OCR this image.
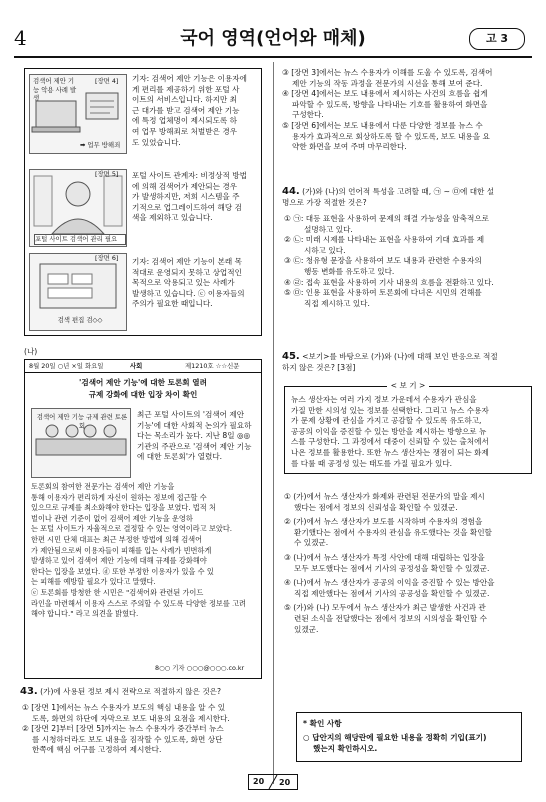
4	국어 영역(언어와 매체)	고 3
검색어 제안 기능 악용 사례 발생
➡ 업무 방해죄
[장면 4] 기자: 검색어 제안 기능은 이용자에
게 편리를 제공하기 위한 포털 사
이트의 서비스입니다. 하지만 최
근 대가를 받고 검색어 제안 기능
에 특정 업체명이 제시되도록 하
여 업무 방해죄로 처벌받은 경우
도 있었습니다.
포털 사이트 검색어 관리 필요
[장면 5] 포털 사이트 관계자: 비정상적 방법
에 의해 검색어가 제안되는 경우
가 발생하지만, 저희 시스템을 주
기적으로 업그레이드하여 해당 검
색을 제외하고 있습니다.
검색 편집 검◇◇
[장면 6] 기자: 검색어 제안 기능이 본래 목
적대로 운영되지 못하고 상업적인
목적으로 악용되고 있는 사례가
발생하고 있습니다. ⓒ 이용자들의
주의가 필요한 때입니다.
(나)
8월 20일 ○년 ×일 화요일	사회	제1210호 ☆☆신문
'검색어 제안 기능'에 대한 토론회 열려
규제 강화에 대한 입장 차이 확인
검색어 제안 기능 규제 관련 토론회
최근 포털 사이트의 '검색어 제안
기능'에 대한 사회적 논의가 필요하
다는 목소리가 높다. 지난 8일 ◎◎
기관의 주관으로 '검색어 제안 기능
에 대한 토론회'가 열렸다.
토론회의 참여한 전문가는 검색어 제안 기능을
통해 이용자가 편리하게 자신이 원하는 정보에 접근할 수
있으므로 규제를 최소화해야 한다는 입장을 보였다. 법적 처
벌이나 관련 기준이 없어 검색어 제안 기능을 운영하
는 포털 사이트가 자율적으로 결정할 수 있는 영역이라고 보았다.
한편 시민 단체 대표는 최근 부정한 방법에 의해 검색어
가 제안됨으로써 이용자들이 피해를 입는 사례가 빈번하게
발생하고 있어 검색어 제안 기능에 대해 규제를 강화해야
한다는 입장을 보였다. ⓓ 또한 부정한 이용자가 있을 수 있
는 피해를 예방할 필요가 있다고 말했다.
ⓔ 토론회를 방청한 한 시민은 "검색어와 관련된 가이드
라인을 마련해서 이용자 스스로 주의할 수 있도록 다양한 정보를 고려
해야 합니다." 라고 의견을 밝혔다.
8○○ 기자 ○○○@○○○.co.kr
43. (가)에 사용된 정보 제시 전략으로 적절하지 않은 것은?
① [장면 1]에서는 뉴스 수용자가 보도의 핵심 내용을 알 수 있
도록, 화면의 하단에 자막으로 보도 내용의 요점을 제시한다.
② [장면 2]부터 [장면 5]까지는 뉴스 수용자가 중간부터 뉴스
를 시청하더라도 보도 내용을 짐작할 수 있도록, 화면 상단
한쪽에 핵심 어구를 고정하여 제시한다.
③ [장면 3]에서는 뉴스 수용자가 이해를 도울 수 있도록, 검색어
제안 기능의 작동 과정을 전문가의 시선을 통해 보여 준다.
④ [장면 4]에서는 보도 내용에서 제시하는 사건의 흐름을 쉽게
파악할 수 있도록, 방향을 나타내는 기호를 활용하여 화면을
구성한다.
⑤ [장면 6]에서는 보도 내용에서 다룬 다양한 정보를 뉴스 수
용자가 효과적으로 회상하도록 할 수 있도록, 보도 내용을 요
약한 화면을 보여 주며 마무리한다.
44. (가)와 (나)의 언어적 특성을 고려할 때, ㉠ ~ ㉤에 대한 설
명으로 가장 적절한 것은?
① ㉠: 대등 표현을 사용하여 문제의 해결 가능성을 암축적으로
설명하고 있다.
② ㉡: 미래 시제를 나타내는 표현을 사용하여 기대 효과를 제
시하고 있다.
③ ㉢: 청유형 문장을 사용하여 보도 내용과 관련한 수용자의
행동 변화를 유도하고 있다.
④ ㉣: 접속 표현을 사용하여 기사 내용의 흐름을 전환하고 있다.
⑤ ㉤: 인용 표현을 사용하여 토론회에 다녀온 시민의 견해를
직접 제시하고 있다.
45. <보기>를 바탕으로 (가)와 (나)에 대해 보인 반응으로 적절
하지 않은 것은? [3점]
< 보 기 >
뉴스 생산자는 여러 가지 정보 가운데서 수용자가 관심을
가질 만한 시의성 있는 정보를 선택한다. 그리고 뉴스 수용자
가 문제 상황에 관심을 가지고 공감할 수 있도록 유도하고,
공공의 이익을 증진할 수 있는 방안을 제시하는 방향으로 뉴
스를 구성한다. 그 과정에서 대중이 신뢰할 수 있는 출처에서
나온 정보를 활용한다. 또한 뉴스 생산자는 쟁점이 되는 화제
를 다룰 때 공정성 있는 태도를 가질 필요가 있다.
① (가)에서 뉴스 생산자가 화제와 관련된 전문가의 말을 제시
했다는 점에서 정보의 신뢰성을 확인할 수 있겠군.
② (가)에서 뉴스 생산자가 보도를 시작하며 수용자의 경험을
환기했다는 점에서 수용자의 관심을 유도했다는 것을 확인할
수 있겠군.
③ (나)에서 뉴스 생산자가 특정 사안에 대해 대립하는 입장을
모두 보도했다는 점에서 기사의 공정성을 확인할 수 있겠군.
④ (나)에서 뉴스 생산자가 공공의 이익을 증진할 수 있는 방안을
직접 제안했다는 점에서 기사의 공공성을 확인할 수 있겠군.
⑤ (가)와 (나) 모두에서 뉴스 생산자가 최근 발생한 사건과 관
련된 소식을 전달했다는 점에서 정보의 시의성을 확인할 수
있겠군.
* 확인 사항
○ 답안지의 해당란에 필요한 내용을 정확히 기입(표기)
했는지 확인하시오.
20 20
